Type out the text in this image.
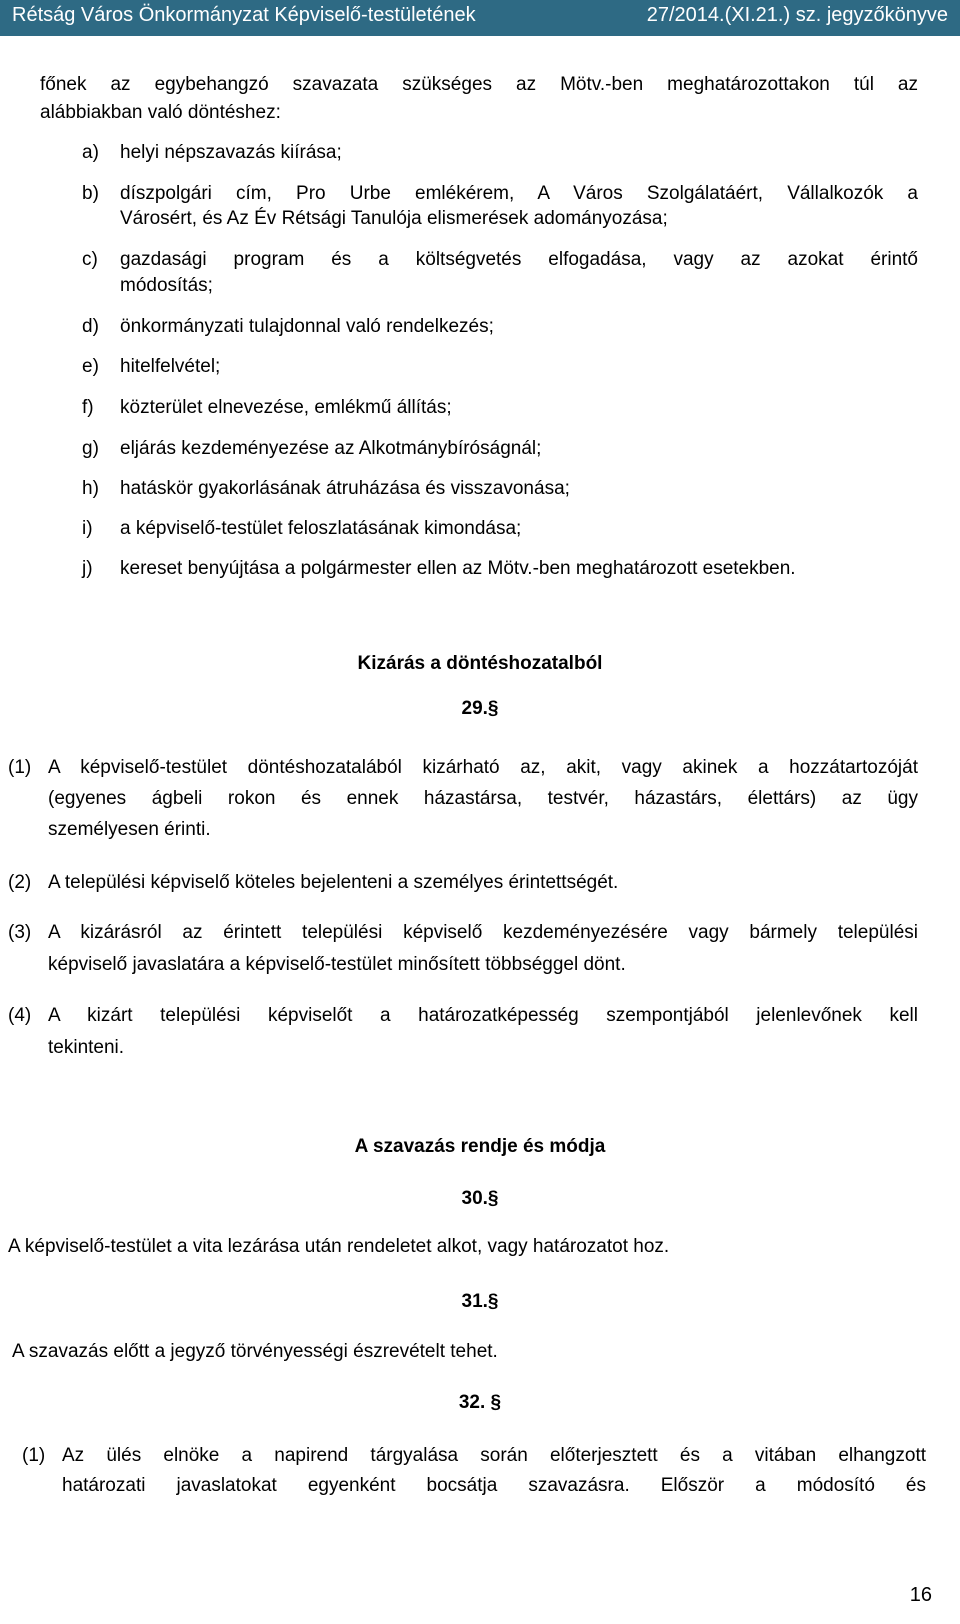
Rétság Város Önkormányzat Képviselő-testületének	27/2014.(XI.21.) sz. jegyzőkönyve
főnek az egybehangzó szavazata szükséges az Mötv.-ben meghatározottakon túl az
alábbiakban való döntéshez:
a) helyi népszavazás kiírása;
b) díszpolgári cím, Pro Urbe emlékérem, A Város Szolgálatáért, Vállalkozók a
Városért, és Az Év Rétsági Tanulója elismerések adományozása;
c) gazdasági program és a költségvetés elfogadása, vagy az azokat érintő
módosítás;
d) önkormányzati tulajdonnal való rendelkezés;
e) hitelfelvétel;
f) közterület elnevezése, emlékmű állítás;
g) eljárás kezdeményezése az Alkotmánybíróságnál;
h) hatáskör gyakorlásának átruházása és visszavonása;
i) a képviselő-testület feloszlatásának kimondása;
j) kereset benyújtása a polgármester ellen az Mötv.-ben meghatározott esetekben.
Kizárás a döntéshozatalból
29.§
(1) A képviselő-testület döntéshozatalából kizárható az, akit, vagy akinek a hozzátartozóját
(egyenes ágbeli rokon és ennek házastársa, testvér, házastárs, élettárs) az ügy
személyesen érinti.
(2) A települési képviselő köteles bejelenteni a személyes érintettségét.
(3) A kizárásról az érintett települési képviselő kezdeményezésére vagy bármely települési
képviselő javaslatára a képviselő-testület minősített többséggel dönt.
(4) A kizárt települési képviselőt a határozatképesség szempontjából jelenlevőnek kell
tekinteni.
A szavazás rendje és módja
30.§
A képviselő-testület a vita lezárása után rendeletet alkot, vagy határozatot hoz.
31.§
A szavazás előtt a jegyző törvényességi észrevételt tehet.
32. §
(1) Az ülés elnöke a napirend tárgyalása során előterjesztett és a vitában elhangzott
határozati javaslatokat egyenként bocsátja szavazásra. Először a módosító és
16
